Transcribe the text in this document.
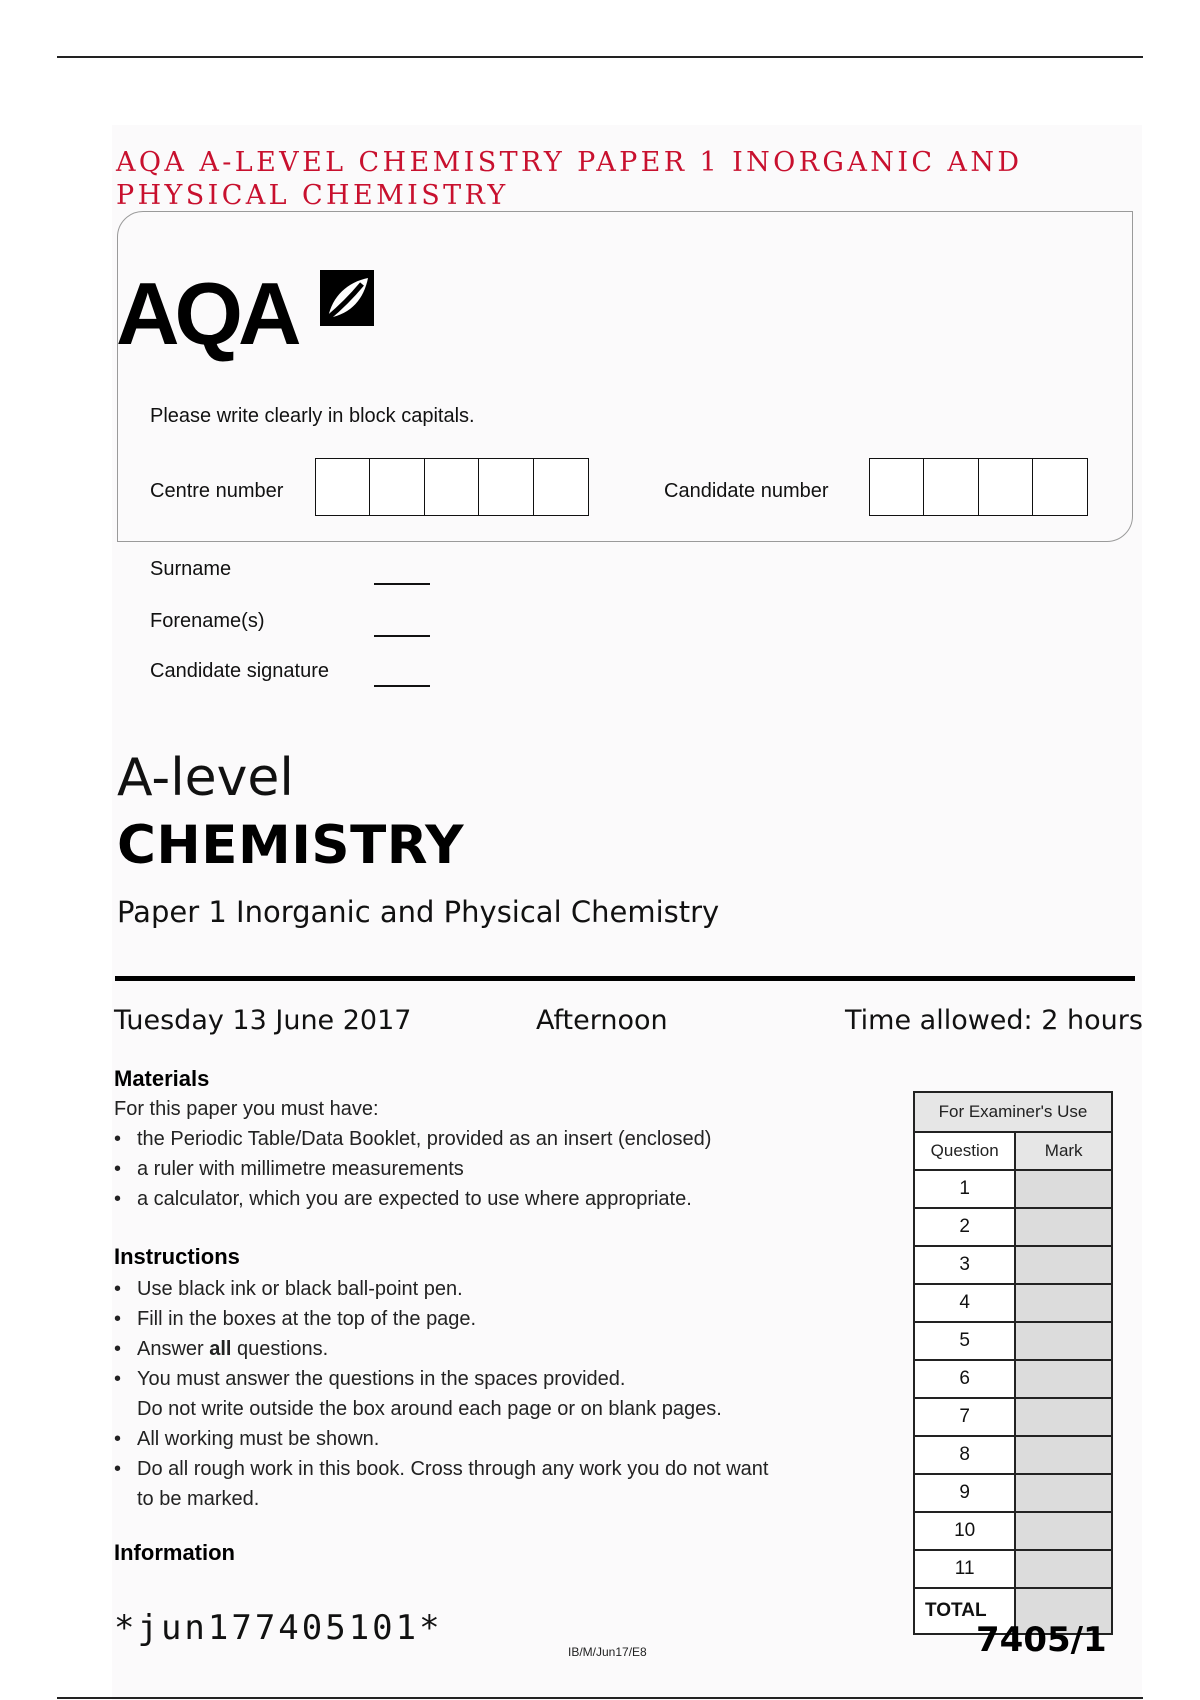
AQA A-LEVEL CHEMISTRY PAPER 1 INORGANIC AND PHYSICAL CHEMISTRY
AQA
Please write clearly in block capitals.
Centre number	Candidate number
Surname
Forename(s)
Candidate signature
A-level
CHEMISTRY
Paper 1 Inorganic and Physical Chemistry
Tuesday 13 June 2017	Afternoon	Time allowed: 2 hours
Materials
For this paper you must have:
• the Periodic Table/Data Booklet, provided as an insert (enclosed)
• a ruler with millimetre measurements
• a calculator, which you are expected to use where appropriate.
Instructions
• Use black ink or black ball-point pen.
• Fill in the boxes at the top of the page.
• Answer all questions.
• You must answer the questions in the spaces provided.
Do not write outside the box around each page or on blank pages.
• All working must be shown.
• Do all rough work in this book. Cross through any work you do not want to be marked.
Information
For Examiner's Use	
Question	Mark
1	
2	
3	
4	
5	
6	
7	
8	
9	
10	
11	
TOTAL	
*jun1774051​01*
IB/M/Jun17/E8	7405/1
